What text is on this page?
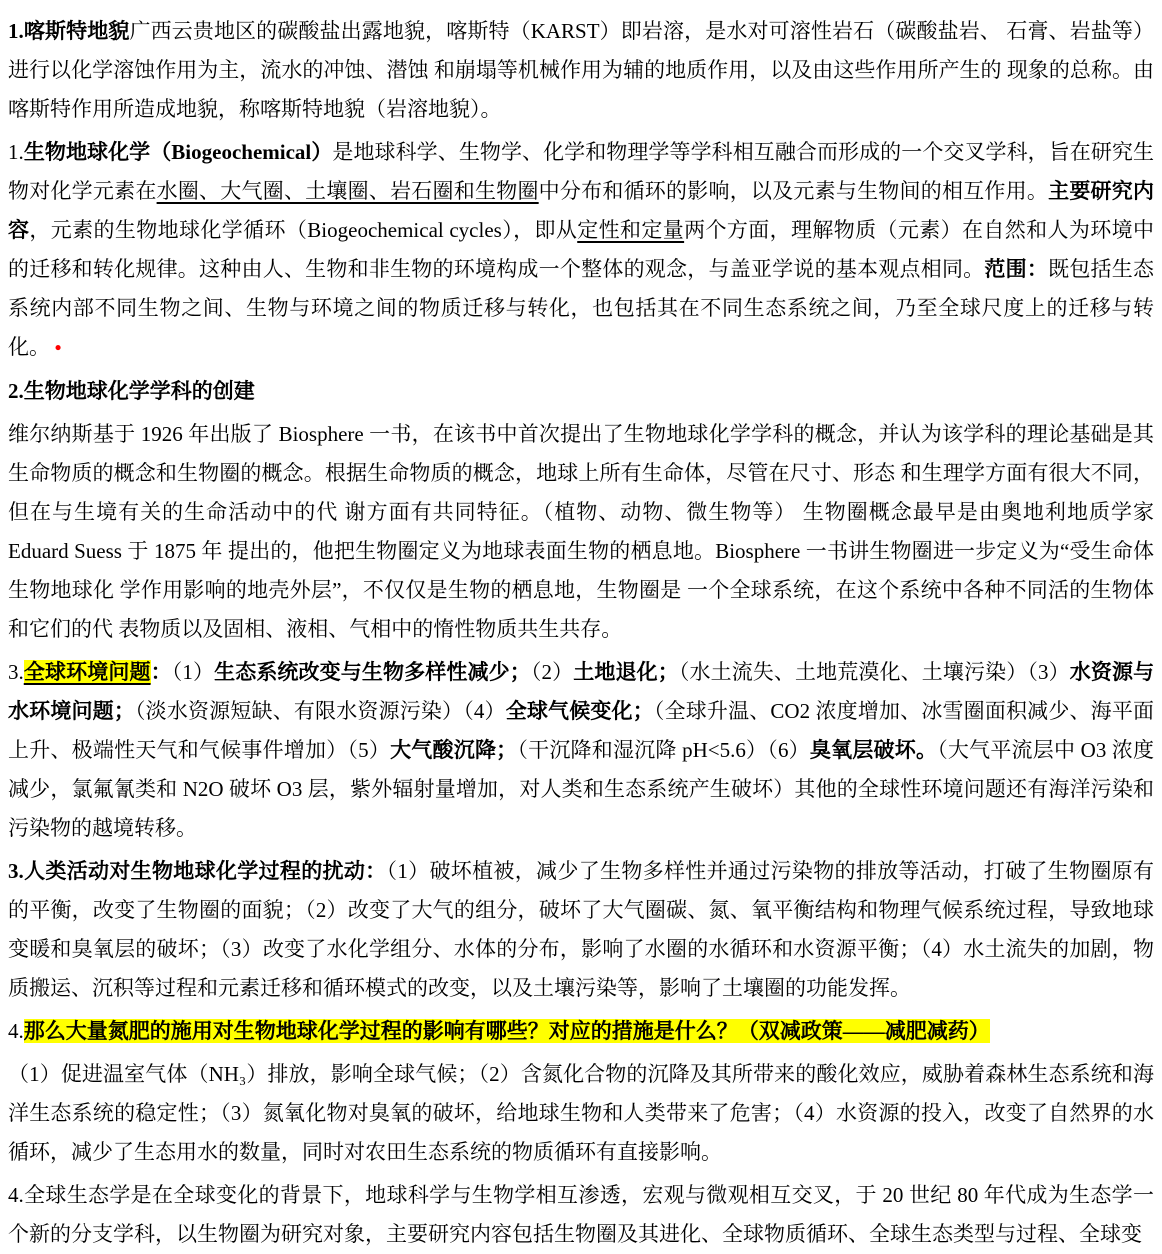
1.喀斯特地貌广西云贵地区的碳酸盐出露地貌，喀斯特（KARST）即岩溶，是水对可溶性岩石（碳酸盐岩、 石膏、岩盐等）进行以化学溶蚀作用为主，流水的冲蚀、潜蚀 和崩塌等机械作用为辅的地质作用，以及由这些作用所产生的 现象的总称。由喀斯特作用所造成地貌，称喀斯特地貌（岩溶地貌）。

1.生物地球化学（Biogeochemical）是地球科学、生物学、化学和物理学等学科相互融合而形成的一个交叉学科，旨在研究生物对化学元素在水圈、大气圈、土壤圈、岩石圈和生物圈中分布和循环的影响，以及元素与生物间的相互作用。主要研究内容，元素的生物地球化学循环（Biogeochemical cycles），即从定性和定量两个方面，理解物质（元素）在自然和人为环境中的迁移和转化规律。这种由人、生物和非生物的环境构成一个整体的观念，与盖亚学说的基本观点相同。范围：既包括生态系统内部不同生物之间、生物与环境之间的物质迁移与转化，也包括其在不同生态系统之间，乃至全球尺度上的迁移与转化。 •

2.生物地球化学学科的创建

维尔纳斯基于 1926 年出版了 Biosphere 一书，在该书中首次提出了生物地球化学学科的概念，并认为该学科的理论基础是其 生命物质的概念和生物圈的概念。根据生命物质的概念，地球上所有生命体，尽管在尺寸、形态 和生理学方面有很大不同，但在与生境有关的生命活动中的代 谢方面有共同特征。（植物、动物、微生物等） 生物圈概念最早是由奥地利地质学家 Eduard Suess 于 1875 年 提出的，他把生物圈定义为地球表面生物的栖息地。Biosphere 一书讲生物圈进一步定义为“受生命体生物地球化 学作用影响的地壳外层”，不仅仅是生物的栖息地，生物圈是 一个全球系统，在这个系统中各种不同活的生物体和它们的代 表物质以及固相、液相、气相中的惰性物质共生共存。

3.全球环境问题：（1）生态系统改变与生物多样性减少；（2）土地退化；（水土流失、土地荒漠化、土壤污染）（3）水资源与水环境问题；（淡水资源短缺、有限水资源污染）（4）全球气候变化；（全球升温、CO2 浓度增加、冰雪圈面积减少、海平面上升、极端性天气和气候事件增加）（5）大气酸沉降；（干沉降和湿沉降 pH<5.6）（6）臭氧层破坏。（大气平流层中 O3 浓度减少，氯氟氰类和 N2O 破坏 O3 层，紫外辐射量增加，对人类和生态系统产生破坏）其他的全球性环境问题还有海洋污染和污染物的越境转移。

3.人类活动对生物地球化学过程的扰动：（1）破坏植被，减少了生物多样性并通过污染物的排放等活动，打破了生物圈原有的平衡，改变了生物圈的面貌；（2）改变了大气的组分，破坏了大气圈碳、氮、氧平衡结构和物理气候系统过程，导致地球变暖和臭氧层的破坏；（3）改变了水化学组分、水体的分布，影响了水圈的水循环和水资源平衡；（4）水土流失的加剧，物质搬运、沉积等过程和元素迁移和循环模式的改变，以及土壤污染等，影响了土壤圈的功能发挥。

4.那么大量氮肥的施用对生物地球化学过程的影响有哪些？对应的措施是什么？（双减政策——减肥减药）

（1）促进温室气体（NH₃）排放，影响全球气候；（2）含氮化合物的沉降及其所带来的酸化效应，威胁着森林生态系统和海洋生态系统的稳定性；（3）氮氧化物对臭氧的破坏，给地球生物和人类带来了危害；（4）水资源的投入，改变了自然界的水循环，减少了生态用水的数量，同时对农田生态系统的物质循环有直接影响。

4.全球生态学是在全球变化的背景下，地球科学与生物学相互渗透，宏观与微观相互交叉，于 20 世纪 80 年代成为生态学一个新的分支学科，以生物圈为研究对象，主要研究内容包括生物圈及其进化、全球物质循环、全球生态类型与过程、全球变
